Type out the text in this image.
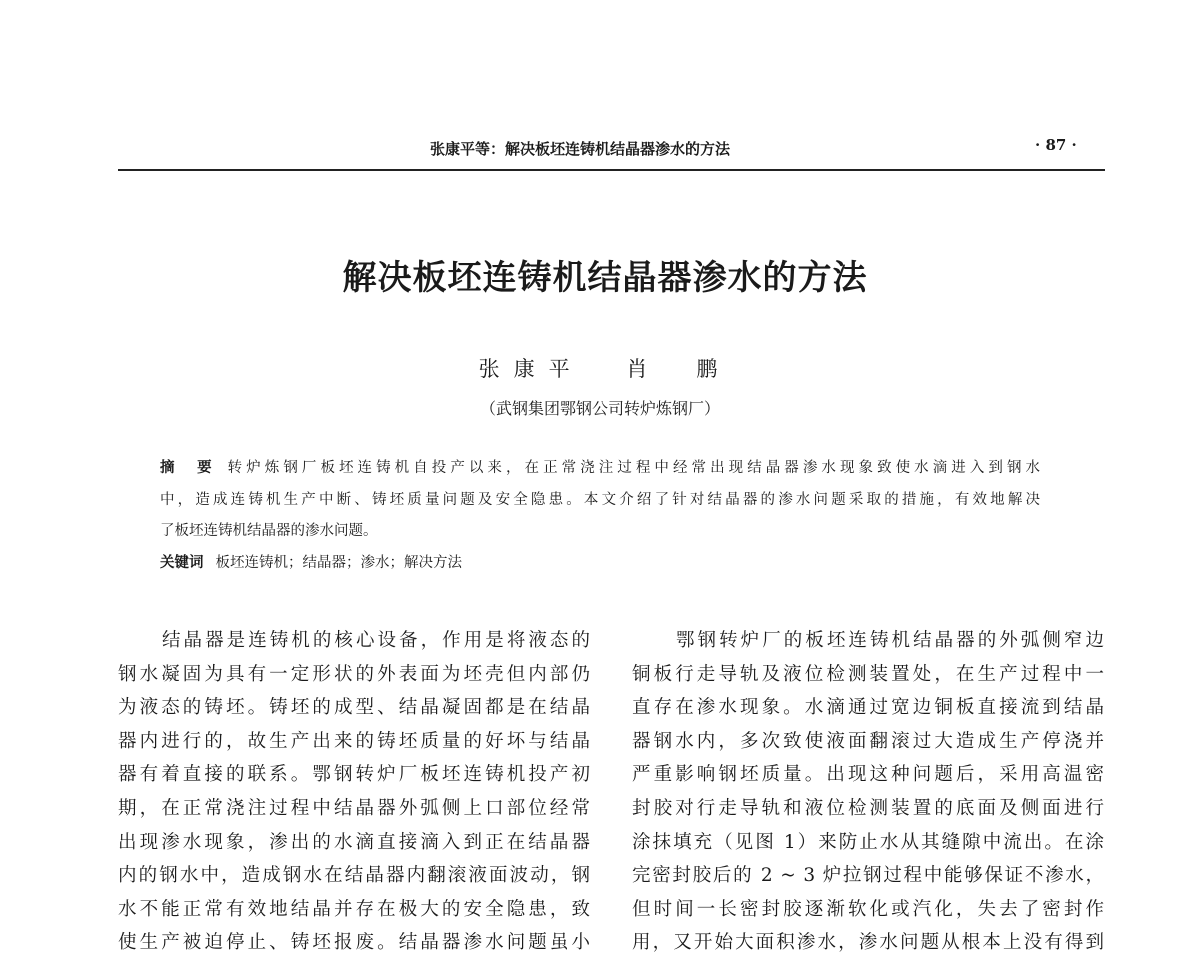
张康平等：解决板坯连铸机结晶器渗水的方法	· 87 ·
解决板坯连铸机结晶器渗水的方法
张康平 肖　鹏
（武钢集团鄂钢公司转炉炼钢厂）
摘　要 转炉炼钢厂板坯连铸机自投产以来，在正常浇注过程中经常出现结晶器渗水现象致使水滴进入到钢水
中，造成连铸机生产中断、铸坯质量问题及安全隐患。本文介绍了针对结晶器的渗水问题采取的措施，有效地解决
了板坯连铸机结晶器的渗水问题。
关键词 板坯连铸机；结晶器；渗水；解决方法
结晶器是连铸机的核心设备，作用是将液态的
钢水凝固为具有一定形状的外表面为坯壳但内部仍
为液态的铸坯。铸坯的成型、结晶凝固都是在结晶
器内进行的，故生产出来的铸坯质量的好坏与结晶
器有着直接的联系。鄂钢转炉厂板坯连铸机投产初
期，在正常浇注过程中结晶器外弧侧上口部位经常
出现渗水现象，渗出的水滴直接滴入到正在结晶器
内的钢水中，造成钢水在结晶器内翻滚液面波动，钢
水不能正常有效地结晶并存在极大的安全隐患，致
使生产被迫停止、铸坯报废。结晶器渗水问题虽小
鄂钢转炉厂的板坯连铸机结晶器的外弧侧窄边
铜板行走导轨及液位检测装置处，在生产过程中一
直存在渗水现象。水滴通过宽边铜板直接流到结晶
器钢水内，多次致使液面翻滚过大造成生产停浇并
严重影响钢坯质量。出现这种问题后，采用高温密
封胶对行走导轨和液位检测装置的底面及侧面进行
涂抹填充（见图 1）来防止水从其缝隙中流出。在涂
完密封胶后的 2 ~ 3 炉拉钢过程中能够保证不渗水，
但时间一长密封胶逐渐软化或汽化，失去了密封作
用，又开始大面积渗水，渗水问题从根本上没有得到
